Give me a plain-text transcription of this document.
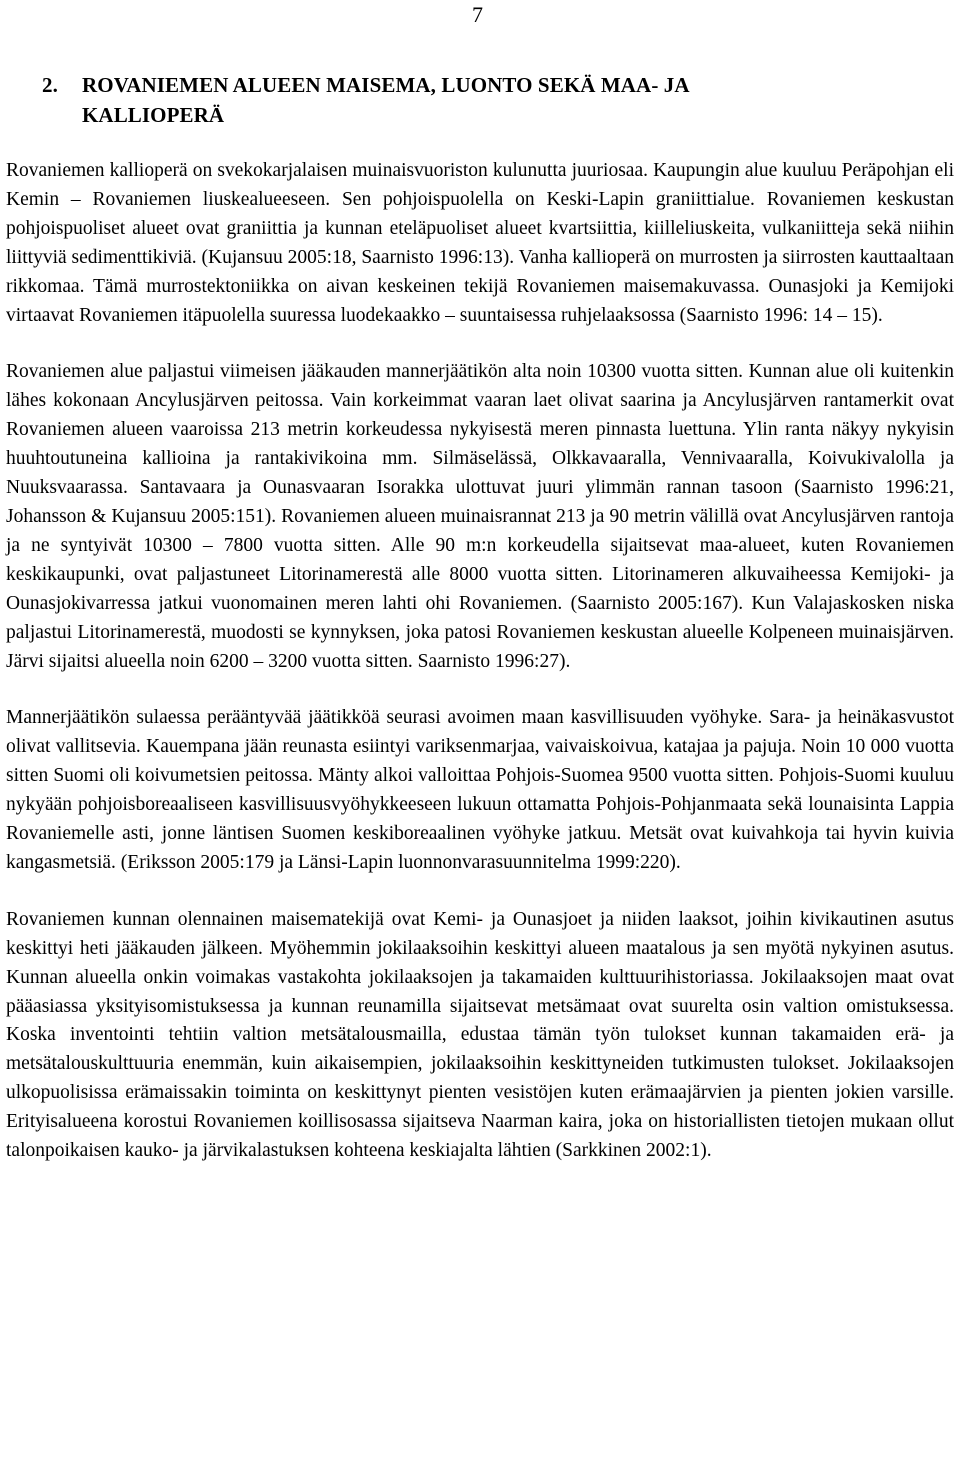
7
2. ROVANIEMEN ALUEEN MAISEMA, LUONTO SEKÄ MAA- JA
KALLIOPERÄ

Rovaniemen kallioperä on svekokarjalaisen muinaisvuoriston kulunutta juuriosaa. Kaupungin alue kuuluu Peräpohjan eli Kemin – Rovaniemen liuskealueeseen. Sen pohjoispuolella on Keski-Lapin graniittialue. Rovaniemen keskustan pohjoispuoliset alueet ovat graniittia ja kunnan eteläpuoliset alueet kvartsiittia, kiilleliuskeita, vulkaniitteja sekä niihin liittyviä sedimenttikiviä. (Kujansuu 2005:18, Saarnisto 1996:13). Vanha kallioperä on murrosten ja siirrosten kauttaaltaan rikkomaa. Tämä murrostektoniikka on aivan keskeinen tekijä Rovaniemen maisemakuvassa. Ounasjoki ja Kemijoki virtaavat Rovaniemen itäpuolella suuressa luodekaakko – suuntaisessa ruhjelaaksossa (Saarnisto 1996: 14 – 15).

Rovaniemen alue paljastui viimeisen jääkauden mannerjäätikön alta noin 10300 vuotta sitten. Kunnan alue oli kuitenkin lähes kokonaan Ancylusjärven peitossa. Vain korkeimmat vaaran laet olivat saarina ja Ancylusjärven rantamerkit ovat Rovaniemen alueen vaaroissa 213 metrin korkeudessa nykyisestä meren pinnasta luettuna. Ylin ranta näkyy nykyisin huuhtoutuneina kallioina ja rantakivikoina mm. Silmäselässä, Olkkavaaralla, Vennivaaralla, Koivukivalolla ja Nuuksvaarassa. Santavaara ja Ounasvaaran Isorakka ulottuvat juuri ylimmän rannan tasoon (Saarnisto 1996:21, Johansson & Kujansuu 2005:151). Rovaniemen alueen muinaisrannat 213 ja 90 metrin välillä ovat Ancylusjärven rantoja ja ne syntyivät 10300 – 7800 vuotta sitten. Alle 90 m:n korkeudella sijaitsevat maa-alueet, kuten Rovaniemen keskikaupunki, ovat paljastuneet Litorinamerestä alle 8000 vuotta sitten. Litorinameren alkuvaiheessa Kemijoki- ja Ounasjokivarressa jatkui vuonomainen meren lahti ohi Rovaniemen. (Saarnisto 2005:167). Kun Valajaskosken niska paljastui Litorinamerestä, muodosti se kynnyksen, joka patosi Rovaniemen keskustan alueelle Kolpeneen muinaisjärven. Järvi sijaitsi alueella noin 6200 – 3200 vuotta sitten. Saarnisto 1996:27).

Mannerjäätikön sulaessa perääntyvää jäätikköä seurasi avoimen maan kasvillisuuden vyöhyke. Sara- ja heinäkasvustot olivat vallitsevia. Kauempana jään reunasta esiintyi variksenmarjaa, vaivaiskoivua, katajaa ja pajuja. Noin 10 000 vuotta sitten Suomi oli koivumetsien peitossa. Mänty alkoi valloittaa Pohjois-Suomea 9500 vuotta sitten. Pohjois-Suomi kuuluu nykyään pohjoisboreaaliseen kasvillisuusvyöhykkeeseen lukuun ottamatta Pohjois-Pohjanmaata sekä lounaisinta Lappia Rovaniemelle asti, jonne läntisen Suomen keskiboreaalinen vyöhyke jatkuu. Metsät ovat kuivahkoja tai hyvin kuivia kangasmetsiä. (Eriksson 2005:179 ja Länsi-Lapin luonnonvarasuunnitelma 1999:220).

Rovaniemen kunnan olennainen maisematekijä ovat Kemi- ja Ounasjoet ja niiden laaksot, joihin kivikautinen asutus keskittyi heti jääkauden jälkeen. Myöhemmin jokilaaksoihin keskittyi alueen maatalous ja sen myötä nykyinen asutus. Kunnan alueella onkin voimakas vastakohta jokilaaksojen ja takamaiden kulttuurihistoriassa. Jokilaaksojen maat ovat pääasiassa yksityisomistuksessa ja kunnan reunamilla sijaitsevat metsämaat ovat suurelta osin valtion omistuksessa. Koska inventointi tehtiin valtion metsätalousmailla, edustaa tämän työn tulokset kunnan takamaiden erä- ja metsätalouskulttuuria enemmän, kuin aikaisempien, jokilaaksoihin keskittyneiden tutkimusten tulokset. Jokilaaksojen ulkopuolisissa erämaissakin toiminta on keskittynyt pienten vesistöjen kuten erämaajärvien ja pienten jokien varsille. Erityisalueena korostui Rovaniemen koillisosassa sijaitseva Naarman kaira, joka on historiallisten tietojen mukaan ollut talonpoikaisen kauko- ja järvikalastuksen kohteena keskiajalta lähtien (Sarkkinen 2002:1).
